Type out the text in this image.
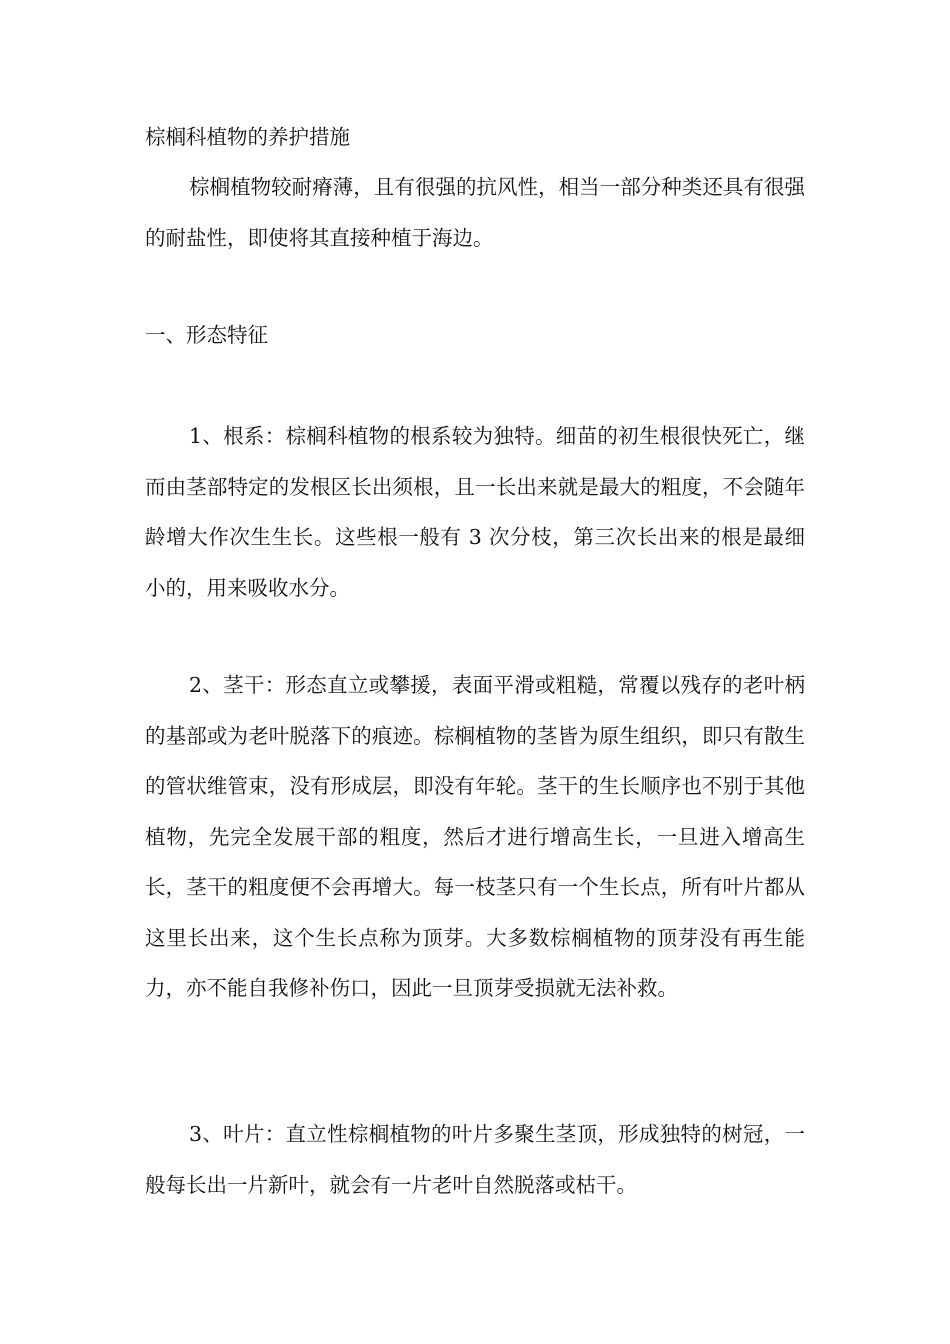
棕榈科植物的养护措施

棕榈植物较耐瘠薄，且有很强的抗风性，相当一部分种类还具有很强的耐盐性，即使将其直接种植于海边。

一、形态特征

1、根系：棕榈科植物的根系较为独特。细苗的初生根很快死亡，继而由茎部特定的发根区长出须根，且一长出来就是最大的粗度，不会随年龄增大作次生生长。这些根一般有 3 次分枝，第三次长出来的根是最细小的，用来吸收水分。

2、茎干：形态直立或攀援，表面平滑或粗糙，常覆以残存的老叶柄的基部或为老叶脱落下的痕迹。棕榈植物的茎皆为原生组织，即只有散生的管状维管束，没有形成层，即没有年轮。茎干的生长顺序也不别于其他植物，先完全发展干部的粗度，然后才进行增高生长，一旦进入增高生长，茎干的粗度便不会再增大。每一枝茎只有一个生长点，所有叶片都从这里长出来，这个生长点称为顶芽。大多数棕榈植物的顶芽没有再生能力，亦不能自我修补伤口，因此一旦顶芽受损就无法补救。

3、叶片：直立性棕榈植物的叶片多聚生茎顶，形成独特的树冠，一般每长出一片新叶，就会有一片老叶自然脱落或枯干。
